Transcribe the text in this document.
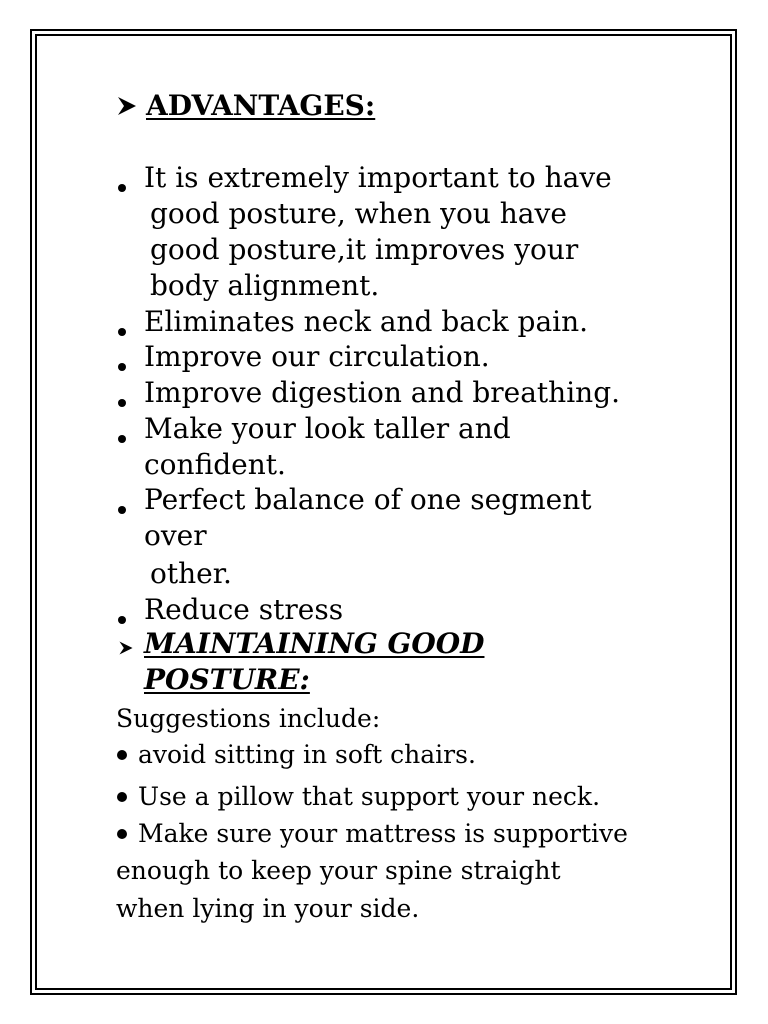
ADVANTAGES:
It is extremely important to have
good posture, when you have
good posture,it improves your
body alignment.
Eliminates neck and back pain.
Improve our circulation.
Improve digestion and breathing.
Make your look taller and
confident.
Perfect balance of one segment
over
other.
Reduce stress
MAINTAINING GOOD
POSTURE:
Suggestions include:
avoid sitting in soft chairs.
Use a pillow that support your neck.
Make sure your mattress is supportive
enough to keep your spine straight
when lying in your side.
